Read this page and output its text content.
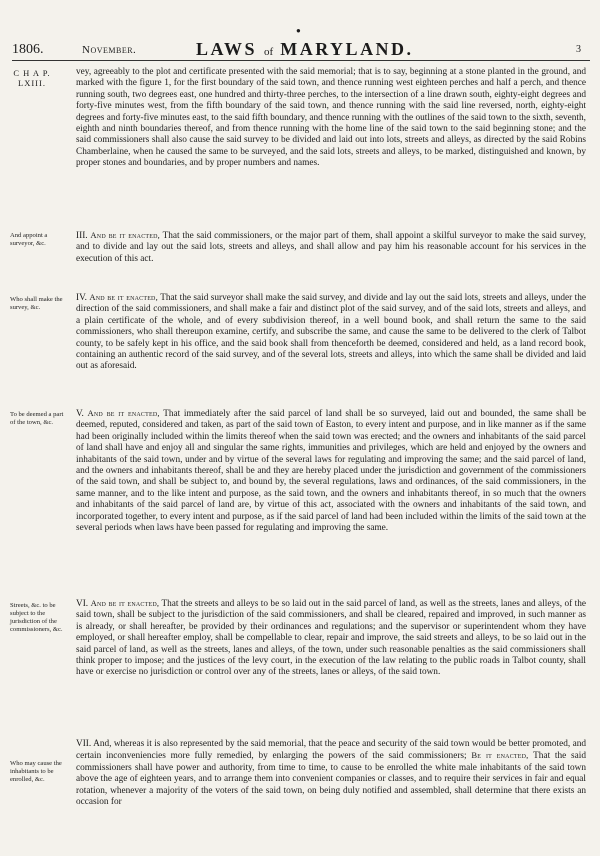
●
1806.	November.	LAWS of MARYLAND.	3
C H A P.
LXIII.
And appoint a surveyor, &c.
Who shall make the survey, &c.
To be deemed a part of the town, &c.
Streets, &c. to be subject to the jurisdiction of the commissioners, &c.
Who may cause the inhabitants to be enrolled, &c.

vey, agreeably to the plot and certificate presented with the said memorial; that is to say, beginning at a stone planted in the ground, and marked with the figure 1, for the first boundary of the said town, and thence running west eighteen perches and half a perch, and thence running south, two degrees east, one hundred and thirty-three perches, to the intersection of a line drawn south, eighty-eight degrees and forty-five minutes west, from the fifth boundary of the said town, and thence running with the said line reversed, north, eighty-eight degrees and forty-five minutes east, to the said fifth boundary, and thence running with the outlines of the said town to the sixth, seventh, eighth and ninth boundaries thereof, and from thence running with the home line of the said town to the said beginning stone; and the said commissioners shall also cause the said survey to be divided and laid out into lots, streets and alleys, as directed by the said Robins Chamberlaine, when he caused the same to be surveyed, and the said lots, streets and alleys, to be marked, distinguished and known, by proper stones and boundaries, and by proper numbers and names.

III. And be it enacted, That the said commissioners, or the major part of them, shall appoint a skilful surveyor to make the said survey, and to divide and lay out the said lots, streets and alleys, and shall allow and pay him his reasonable account for his services in the execution of this act.

IV. And be it enacted, That the said surveyor shall make the said survey, and divide and lay out the said lots, streets and alleys, under the direction of the said commissioners, and shall make a fair and distinct plot of the said survey, and of the said lots, streets and alleys, and a plain certificate of the whole, and of every subdivision thereof, in a well bound book, and shall return the same to the said commissioners, who shall thereupon examine, certify, and subscribe the same, and cause the same to be delivered to the clerk of Talbot county, to be safely kept in his office, and the said book shall from thenceforth be deemed, considered and held, as a land record book, containing an authentic record of the said survey, and of the several lots, streets and alleys, into which the same shall be divided and laid out as aforesaid.

V. And be it enacted, That immediately after the said parcel of land shall be so surveyed, laid out and bounded, the same shall be deemed, reputed, considered and taken, as part of the said town of Easton, to every intent and purpose, and in like manner as if the same had been originally included within the limits thereof when the said town was erected; and the owners and inhabitants of the said parcel of land shall have and enjoy all and singular the same rights, immunities and privileges, which are held and enjoyed by the owners and inhabitants of the said town, under and by virtue of the several laws for regulating and improving the same; and the said parcel of land, and the owners and inhabitants thereof, shall be and they are hereby placed under the jurisdiction and government of the commissioners of the said town, and shall be subject to, and bound by, the several regulations, laws and ordinances, of the said commissioners, in the same manner, and to the like intent and purpose, as the said town, and the owners and inhabitants thereof, in so much that the owners and inhabitants of the said parcel of land are, by virtue of this act, associated with the owners and inhabitants of the said town, and incorporated together, to every intent and purpose, as if the said parcel of land had been included within the limits of the said town at the several periods when laws have been passed for regulating and improving the same.

VI. And be it enacted, That the streets and alleys to be so laid out in the said parcel of land, as well as the streets, lanes and alleys, of the said town, shall be subject to the jurisdiction of the said commissioners, and shall be cleared, repaired and improved, in such manner as is already, or shall hereafter, be provided by their ordinances and regulations; and the supervisor or superintendent whom they have employed, or shall hereafter employ, shall be compellable to clear, repair and improve, the said streets and alleys, to be so laid out in the said parcel of land, as well as the streets, lanes and alleys, of the town, under such reasonable penalties as the said commissioners shall think proper to impose; and the justices of the levy court, in the execution of the law relating to the public roads in Talbot county, shall have or exercise no jurisdiction or control over any of the streets, lanes or alleys, of the said town.

VII. And, whereas it is also represented by the said memorial, that the peace and security of the said town would be better promoted, and certain inconveniencies more fully remedied, by enlarging the powers of the said commissioners; Be it enacted, That the said commissioners shall have power and authority, from time to time, to cause to be enrolled the white male inhabitants of the said town above the age of eighteen years, and to arrange them into convenient companies or classes, and to require their services in fair and equal rotation, whenever a majority of the voters of the said town, on being duly notified and assembled, shall determine that there exists an occasion for
